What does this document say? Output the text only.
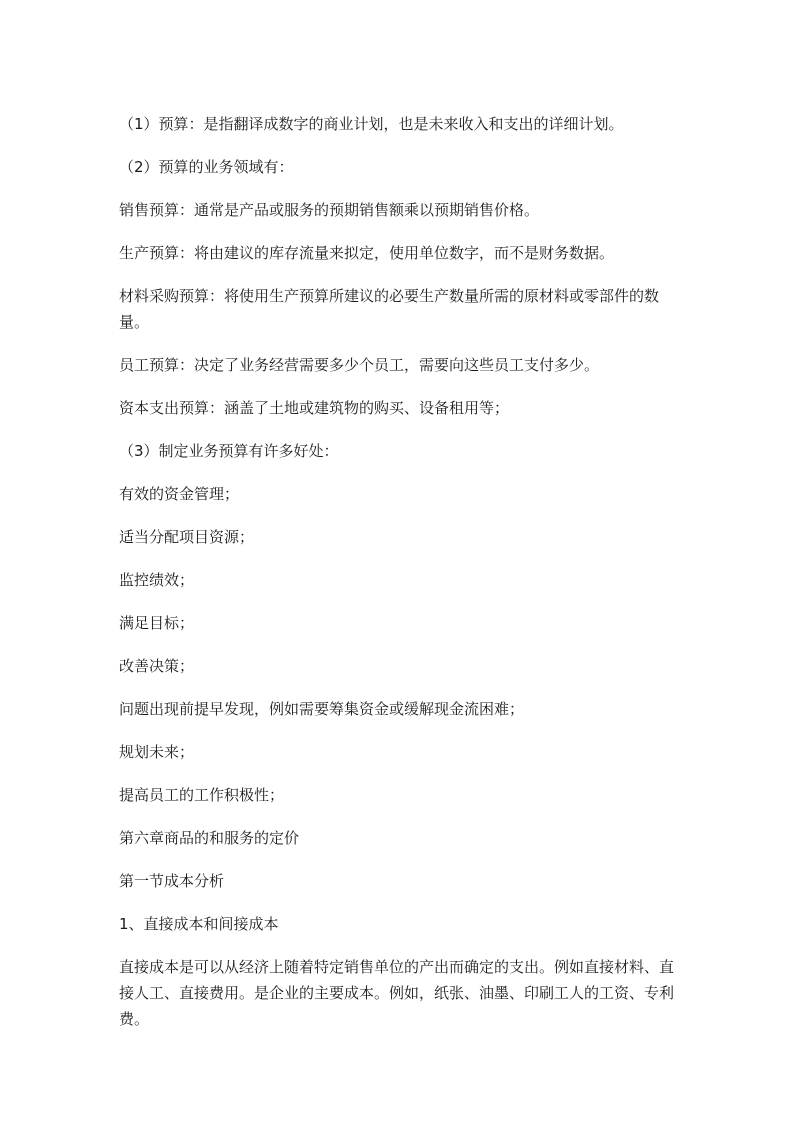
（1）预算：是指翻译成数字的商业计划，也是未来收入和支出的详细计划。

（2）预算的业务领域有：

销售预算：通常是产品或服务的预期销售额乘以预期销售价格。

生产预算：将由建议的库存流量来拟定，使用单位数字，而不是财务数据。

材料采购预算：将使用生产预算所建议的必要生产数量所需的原材料或零部件的数量。

员工预算：决定了业务经营需要多少个员工，需要向这些员工支付多少。

资本支出预算：涵盖了土地或建筑物的购买、设备租用等；

（3）制定业务预算有许多好处：

有效的资金管理；

适当分配项目资源；

监控绩效；

满足目标；

改善决策；

问题出现前提早发现，例如需要筹集资金或缓解现金流困难；

规划未来；

提高员工的工作积极性；

第六章商品的和服务的定价

第一节成本分析

1、直接成本和间接成本

直接成本是可以从经济上随着特定销售单位的产出而确定的支出。例如直接材料、直接人工、直接费用。是企业的主要成本。例如，纸张、油墨、印刷工人的工资、专利费。
